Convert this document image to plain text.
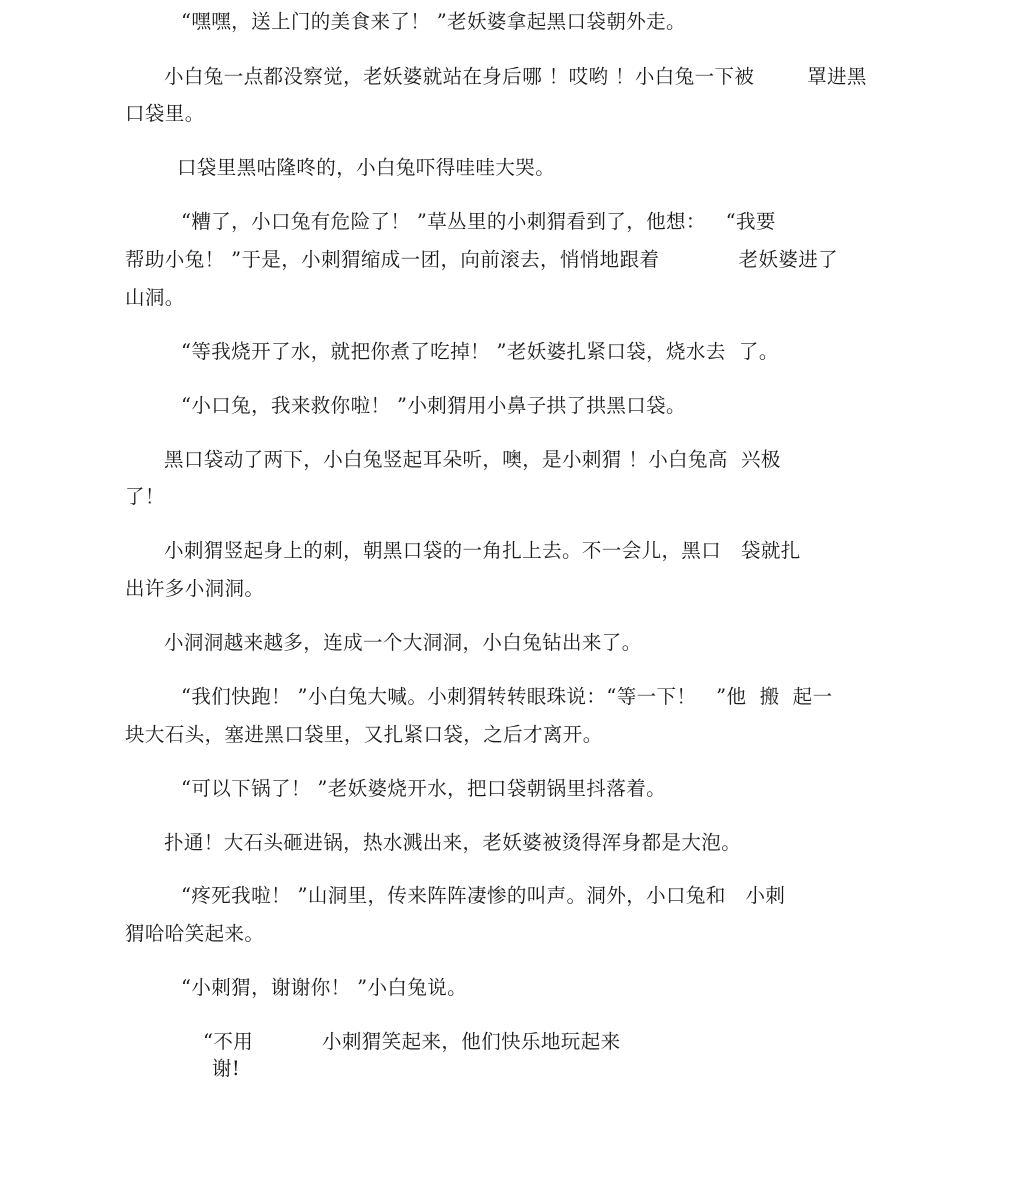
“嘿嘿，送上门的美食来了！ ”老妖婆拿起黑口袋朝外走。
小白兔一点都没察觉，老妖婆就站在身后哪 ！哎哟 ！小白兔一下被        罩进黑
口袋里。
口袋里黑咕隆咚的，小白兔吓得哇哇大哭。
“糟了，小口兔有危险了！ ”草丛里的小刺猬看到了，他想：   “我要
帮助小兔！ ”于是，小刺猬缩成一团，向前滚去，悄悄地跟着            老妖婆进了
山洞。
“等我烧开了水，就把你煮了吃掉！ ”老妖婆扎紧口袋，烧水去  了。
“小口兔，我来救你啦！ ”小刺猬用小鼻子拱了拱黑口袋。
黑口袋动了两下，小白兔竖起耳朵听，噢，是小刺猬 ！小白兔高  兴极
了！
小刺猬竖起身上的刺，朝黑口袋的一角扎上去。不一会儿，黑口   袋就扎
出许多小洞洞。
小洞洞越来越多，连成一个大洞洞，小白兔钻出来了。
“我们快跑！ ”小白兔大喊。小刺猬转转眼珠说：“等一下！   ”他  搬  起一
块大石头，塞进黑口袋里，又扎紧口袋，之后才离开。
“可以下锅了！ ”老妖婆烧开水，把口袋朝锅里抖落着。
扑通！大石头砸进锅，热水溅出来，老妖婆被烫得浑身都是大泡。
“疼死我啦！ ”山洞里，传来阵阵凄惨的叫声。洞外，小口兔和   小刺
猬哈哈笑起来。
“小刺猬，谢谢你！ ”小白兔说。
“不用	小刺猬笑起来，他们快乐地玩起来
谢!
